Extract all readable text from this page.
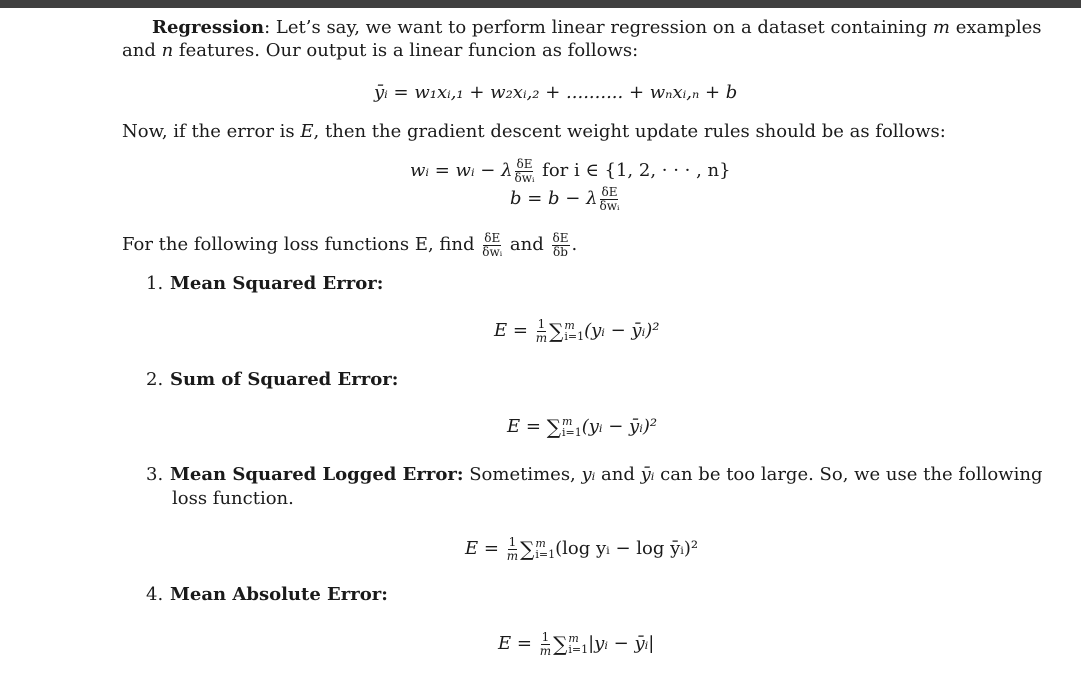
Regression: Let’s say, we want to perform linear regression on a dataset containing m examples
and n features. Our output is a linear funcion as follows:
ȳᵢ = w₁xᵢ,₁ + w₂xᵢ,₂ + .......... + wₙxᵢ,ₙ + b
Now, if the error is E, then the gradient descent weight update rules should be as follows:
wᵢ = wᵢ − λ $\frac{\delta E}{\text{δwᵢ}}$ for i ∈ {1, 2, · · · , n}
b = b − λ $\frac{\delta E}{\text{δwᵢ}}$
For the following loss functions E, find $\frac{\delta E}{\text{δwᵢ}}$ and $\frac{\delta E}{\delta b}$ .
1. Mean Squared Error:
$E = \frac{1}{m}$ ∑ m
i=1 (yᵢ − ȳᵢ)²
2. Sum of Squared Error:
E = ∑ m
i=1 (yᵢ − ȳᵢ)²
3. Mean Squared Logged Error: Sometimes, yᵢ and ȳᵢ can be too large. So, we use the following
loss function.
$E = \frac{1}{m}$ ∑ m
i=1 (log yᵢ − log ȳᵢ)²
4. Mean Absolute Error:
$E = \frac{1}{m}$ ∑ m
i=1 |yᵢ − ȳᵢ|
